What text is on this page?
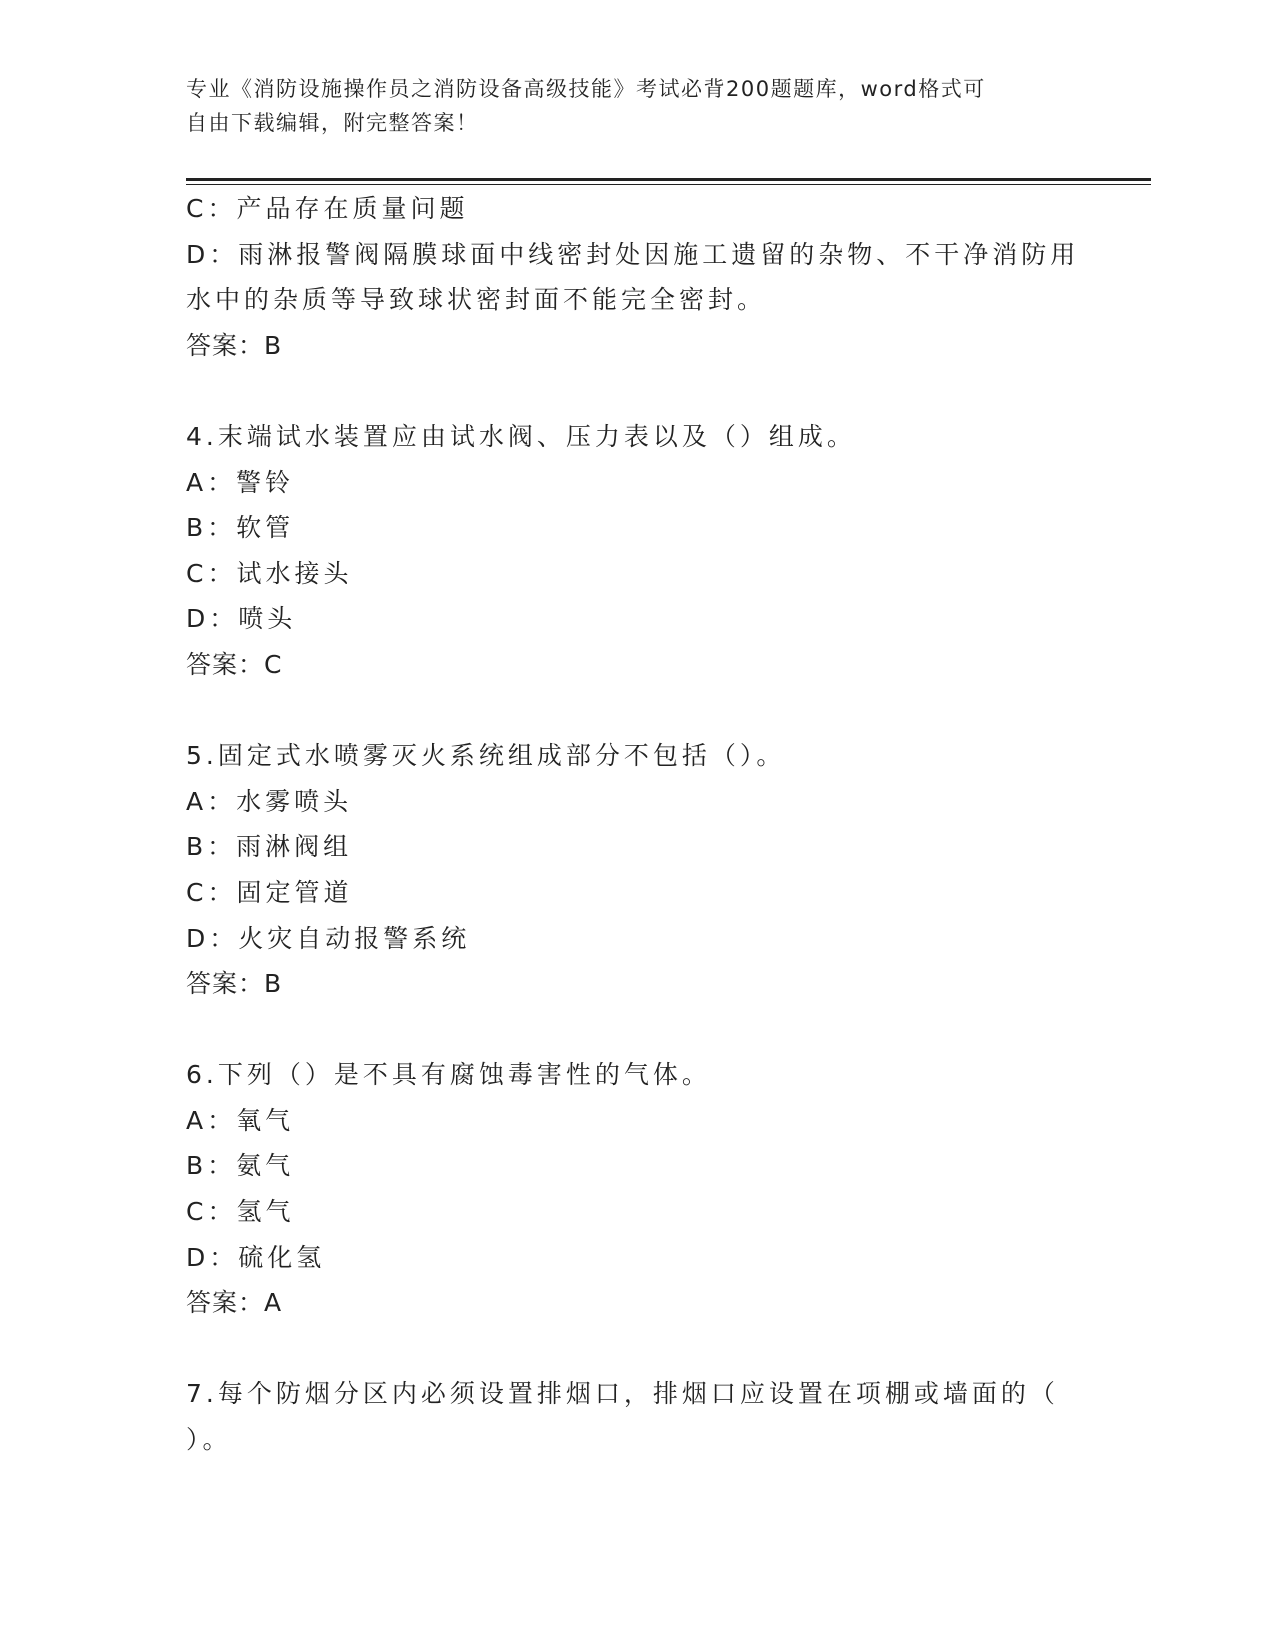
专业《消防设施操作员之消防设备高级技能》考试必背200题题库，word格式可
自由下载编辑，附完整答案！
C：产品存在质量问题
D：雨淋报警阀隔膜球面中线密封处因施工遗留的杂物、不干净消防用
水中的杂质等导致球状密封面不能完全密封。
答案：B
4.末端试水装置应由试水阀、压力表以及（）组成。
A：警铃
B：软管
C：试水接头
D：喷头
答案：C
5.固定式水喷雾灭火系统组成部分不包括（）。
A：水雾喷头
B：雨淋阀组
C：固定管道
D：火灾自动报警系统
答案：B
6.下列（）是不具有腐蚀毒害性的气体。
A：氧气
B：氨气
C：氢气
D：硫化氢
答案：A
7.每个防烟分区内必须设置排烟口，排烟口应设置在项棚或墙面的（
）。
